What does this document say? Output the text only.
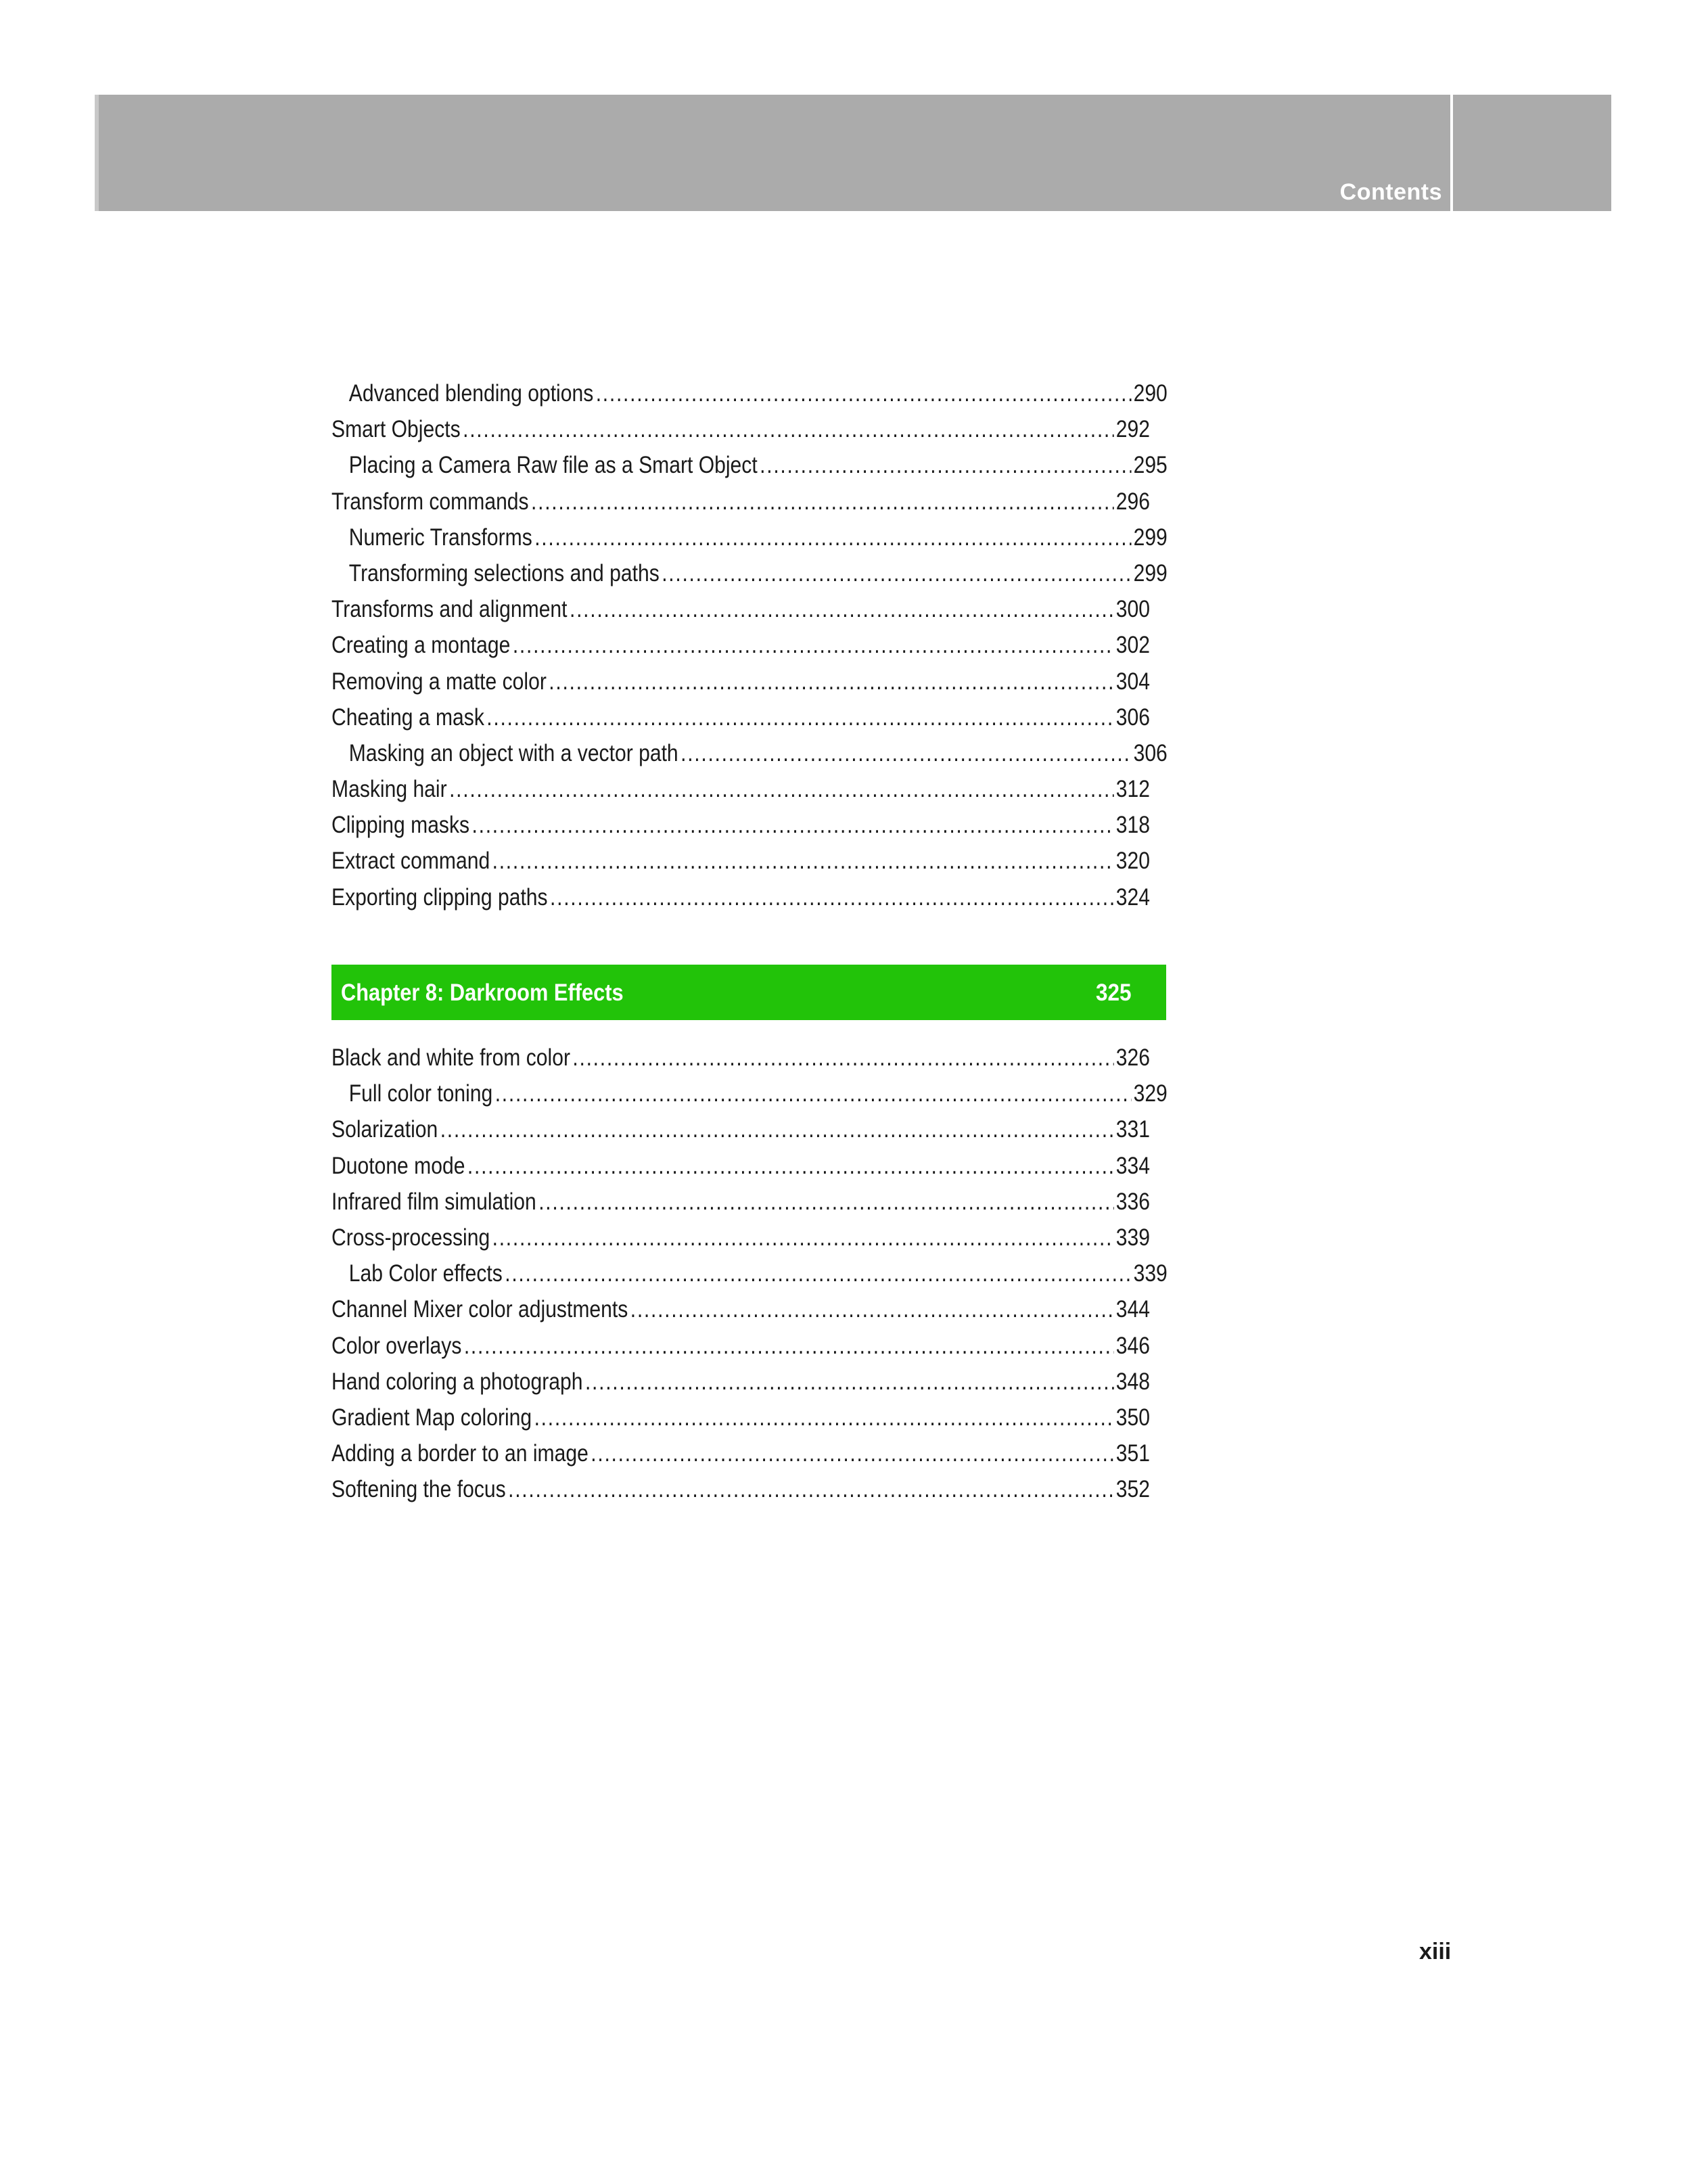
Contents
Advanced blending options .....	290
Smart Objects .....	292
Placing a Camera Raw file as a Smart Object .....	295
Transform commands .....	296
Numeric Transforms .....	299
Transforming selections and paths .....	299
Transforms and alignment .....	300
Creating a montage .....	302
Removing a matte color .....	304
Cheating a mask .....	306
Masking an object with a vector path .....	306
Masking hair .....	312
Clipping masks .....	318
Extract command .....	320
Exporting clipping paths .....	324
Chapter 8: Darkroom Effects	325
Black and white from color .....	326
Full color toning .....	329
Solarization .....	331
Duotone mode .....	334
Infrared film simulation .....	336
Cross-processing .....	339
Lab Color effects .....	339
Channel Mixer color adjustments .....	344
Color overlays .....	346
Hand coloring a photograph .....	348
Gradient Map coloring .....	350
Adding a border to an image .....	351
Softening the focus .....	352
xiii
